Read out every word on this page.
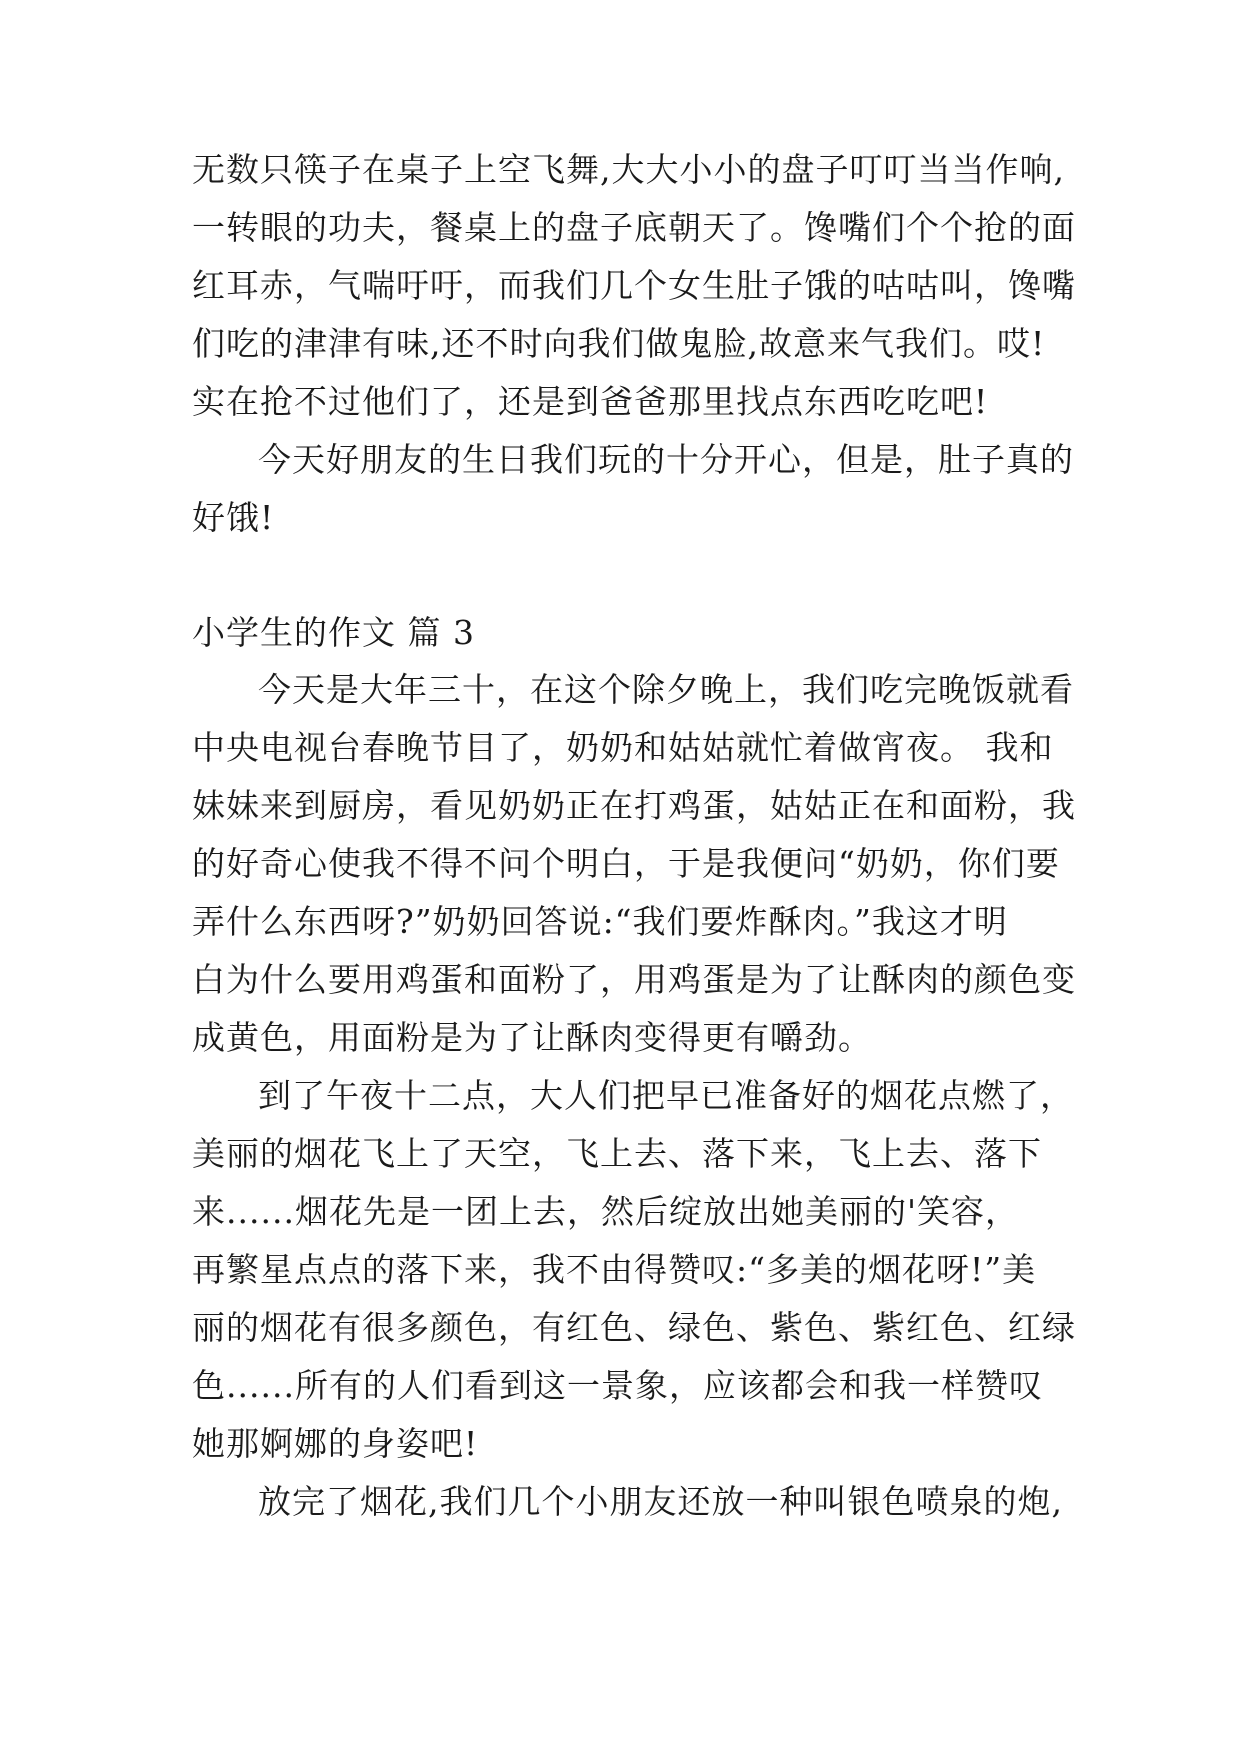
无数只筷子在桌子上空飞舞,大大小小的盘子叮叮当当作响,
一转眼的功夫，餐桌上的盘子底朝天了。馋嘴们个个抢的面
红耳赤，气喘吁吁，而我们几个女生肚子饿的咕咕叫，馋嘴
们吃的津津有味,还不时向我们做鬼脸,故意来气我们。哎!
实在抢不过他们了，还是到爸爸那里找点东西吃吃吧!
今天好朋友的生日我们玩的十分开心，但是，肚子真的
好饿!
小学生的作文 篇 3
今天是大年三十，在这个除夕晚上，我们吃完晚饭就看
中央电视台春晚节目了，奶奶和姑姑就忙着做宵夜。 我和
妹妹来到厨房，看见奶奶正在打鸡蛋，姑姑正在和面粉，我
的好奇心使我不得不问个明白，于是我便问“奶奶，你们要
弄什么东西呀?”奶奶回答说:“我们要炸酥肉。”我这才明
白为什么要用鸡蛋和面粉了，用鸡蛋是为了让酥肉的颜色变
成黄色，用面粉是为了让酥肉变得更有嚼劲。
到了午夜十二点，大人们把早已准备好的烟花点燃了，
美丽的烟花飞上了天空，飞上去、落下来，飞上去、落下
来......烟花先是一团上去，然后绽放出她美丽的'笑容，
再繁星点点的落下来，我不由得赞叹:“多美的烟花呀!”美
丽的烟花有很多颜色，有红色、绿色、紫色、紫红色、红绿
色......所有的人们看到这一景象，应该都会和我一样赞叹
她那婀娜的身姿吧!
放完了烟花,我们几个小朋友还放一种叫银色喷泉的炮,
